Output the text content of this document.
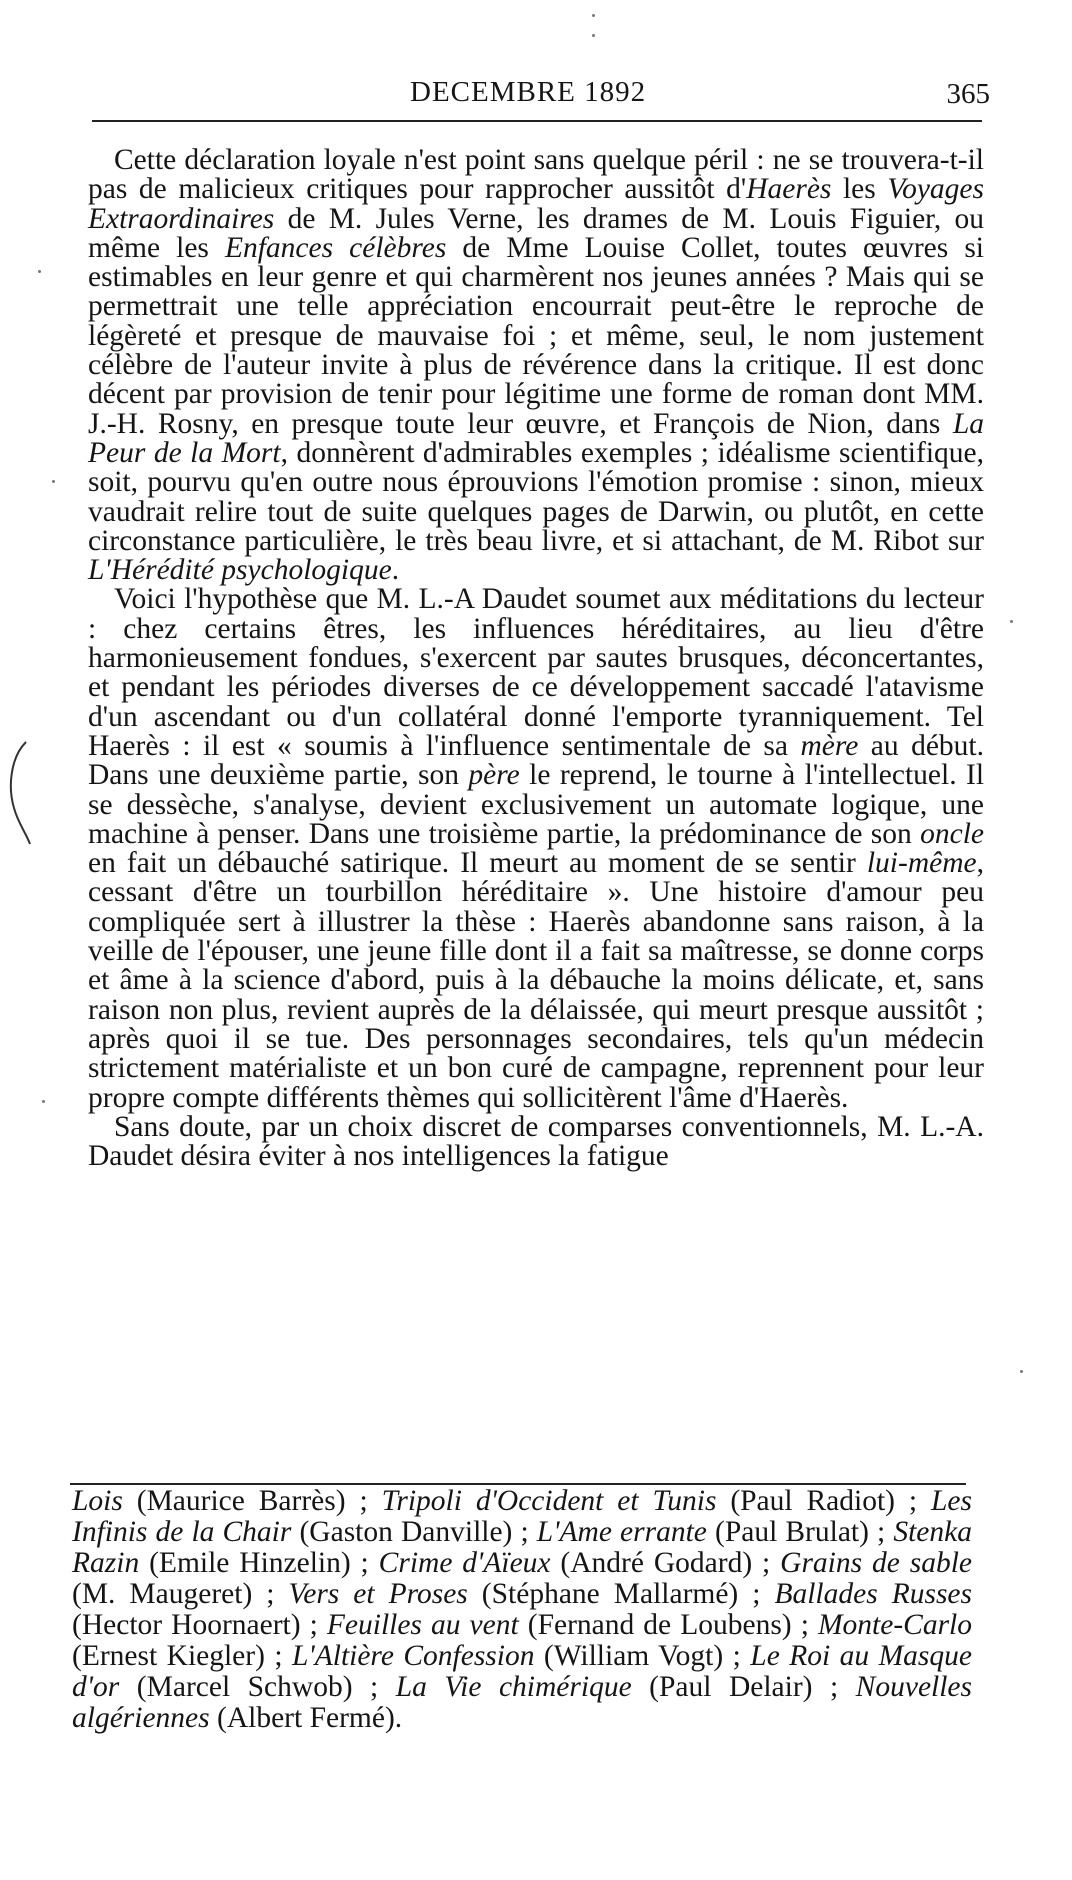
DECEMBRE 1892	365

Cette déclaration loyale n'est point sans quelque péril : ne se trouvera-t-il pas de malicieux critiques pour rapprocher aussitôt d'Haerès les Voyages Extraordinaires de M. Jules Verne, les drames de M. Louis Figuier, ou même les Enfances célèbres de Mme Louise Collet, toutes œuvres si estimables en leur genre et qui charmèrent nos jeunes années ? Mais qui se permettrait une telle appréciation encourrait peut-être le reproche de légèreté et presque de mauvaise foi ; et même, seul, le nom justement célèbre de l'auteur invite à plus de révérence dans la critique. Il est donc décent par provision de tenir pour légitime une forme de roman dont MM. J.-H. Rosny, en presque toute leur œuvre, et François de Nion, dans La Peur de la Mort, donnèrent d'admirables exemples ; idéalisme scientifique, soit, pourvu qu'en outre nous éprouvions l'émotion promise : sinon, mieux vaudrait relire tout de suite quelques pages de Darwin, ou plutôt, en cette circonstance particulière, le très beau livre, et si attachant, de M. Ribot sur L'Hérédité psychologique.

Voici l'hypothèse que M. L.-A Daudet soumet aux méditations du lecteur : chez certains êtres, les influences héréditaires, au lieu d'être harmonieusement fondues, s'exercent par sautes brusques, déconcertantes, et pendant les périodes diverses de ce développement saccadé l'atavisme d'un ascendant ou d'un collatéral donné l'emporte tyranniquement. Tel Haerès : il est « soumis à l'influence sentimentale de sa mère au début. Dans une deuxième partie, son père le reprend, le tourne à l'intellectuel. Il se dessèche, s'analyse, devient exclusivement un automate logique, une machine à penser. Dans une troisième partie, la prédominance de son oncle en fait un débauché satirique. Il meurt au moment de se sentir lui-même, cessant d'être un tourbillon héréditaire ». Une histoire d'amour peu compliquée sert à illustrer la thèse : Haerès abandonne sans raison, à la veille de l'épouser, une jeune fille dont il a fait sa maîtresse, se donne corps et âme à la science d'abord, puis à la débauche la moins délicate, et, sans raison non plus, revient auprès de la délaissée, qui meurt presque aussitôt ; après quoi il se tue. Des personnages secondaires, tels qu'un médecin strictement matérialiste et un bon curé de campagne, reprennent pour leur propre compte différents thèmes qui sollicitèrent l'âme d'Haerès.

Sans doute, par un choix discret de comparses conventionnels, M. L.-A. Daudet désira éviter à nos intelligences la fatigue

Lois (Maurice Barrès) ; Tripoli d'Occident et Tunis (Paul Radiot) ; Les Infinis de la Chair (Gaston Danville) ; L'Ame errante (Paul Brulat) ; Stenka Razin (Emile Hinzelin) ; Crime d'Aïeux (André Godard) ; Grains de sable (M. Maugeret) ; Vers et Proses (Stéphane Mallarmé) ; Ballades Russes (Hector Hoornaert) ; Feuilles au vent (Fernand de Loubens) ; Monte-Carlo (Ernest Kiegler) ; L'Altière Confession (William Vogt) ; Le Roi au Masque d'or (Marcel Schwob) ; La Vie chimérique (Paul Delair) ; Nouvelles algériennes (Albert Fermé).
